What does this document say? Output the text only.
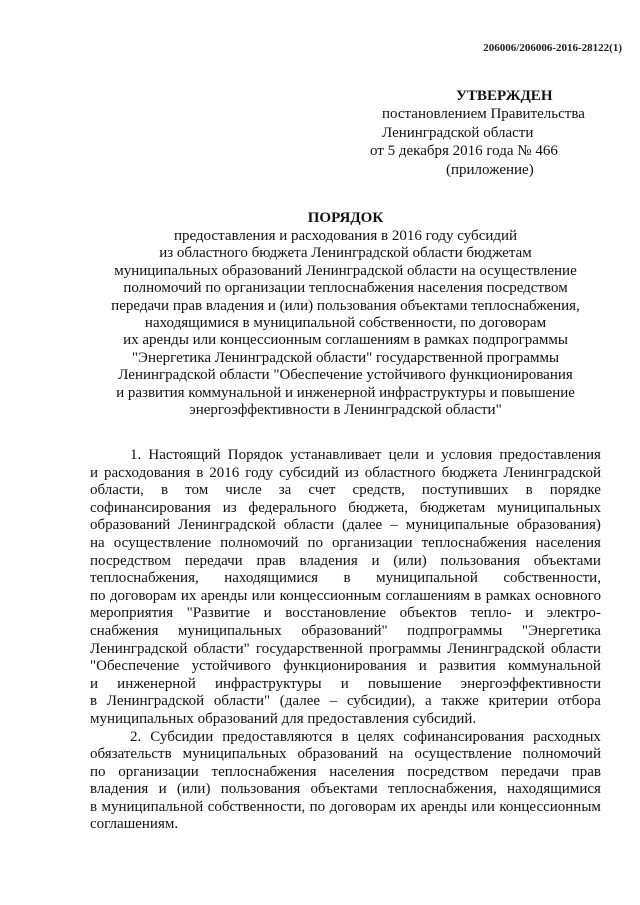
206006/206006-2016-28122(1)
УТВЕРЖДЕН
постановлением Правительства
Ленинградской области
от 5 декабря 2016 года № 466
(приложение)
ПОРЯДОК
предоставления и расходования в 2016 году субсидий
из областного бюджета Ленинградской области бюджетам
муниципальных образований Ленинградской области на осуществление
полномочий по организации теплоснабжения населения посредством
передачи прав владения и (или) пользования объектами теплоснабжения,
находящимися в муниципальной собственности, по договорам
их аренды или концессионным соглашениям в рамках подпрограммы
"Энергетика Ленинградской области" государственной программы
Ленинградской области "Обеспечение устойчивого функционирования
и развития коммунальной и инженерной инфраструктуры и повышение
энергоэффективности в Ленинградской области"
1. Настоящий Порядок устанавливает цели и условия предоставления
и расходования в 2016 году субсидий из областного бюджета Ленинградской
области, в том числе за счет средств, поступивших в порядке
софинансирования из федерального бюджета, бюджетам муниципальных
образований Ленинградской области (далее – муниципальные образования)
на осуществление полномочий по организации теплоснабжения населения
посредством передачи прав владения и (или) пользования объектами
теплоснабжения, находящимися в муниципальной собственности,
по договорам их аренды или концессионным соглашениям в рамках основного
мероприятия "Развитие и восстановление объектов тепло- и электро-
снабжения муниципальных образований" подпрограммы "Энергетика
Ленинградской области" государственной программы Ленинградской области
"Обеспечение устойчивого функционирования и развития коммунальной
и инженерной инфраструктуры и повышение энергоэффективности
в Ленинградской области" (далее – субсидии), а также критерии отбора
муниципальных образований для предоставления субсидий.
2. Субсидии предоставляются в целях софинансирования расходных
обязательств муниципальных образований на осуществление полномочий
по организации теплоснабжения населения посредством передачи прав
владения и (или) пользования объектами теплоснабжения, находящимися
в муниципальной собственности, по договорам их аренды или концессионным
соглашениям.
